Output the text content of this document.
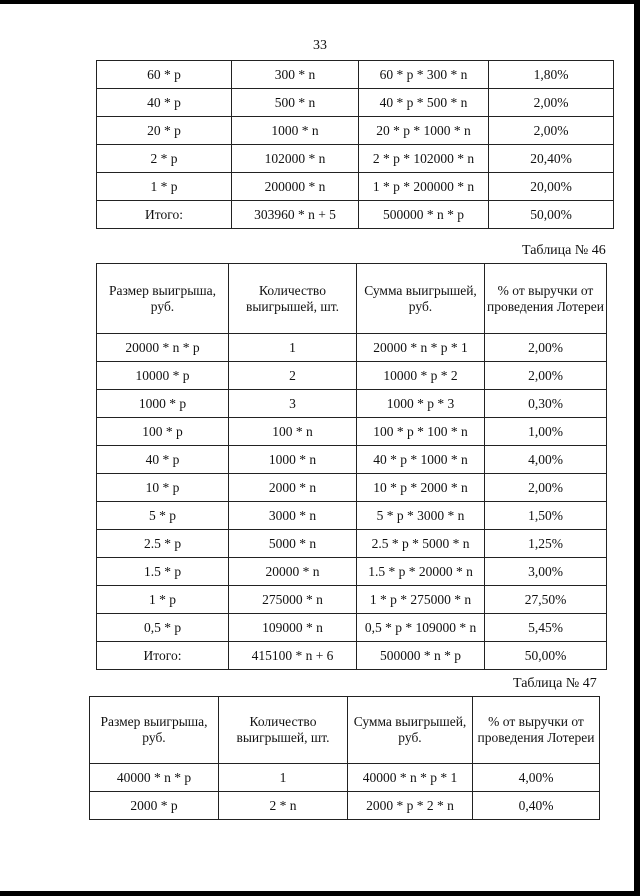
33
60 * р	300 * n	60 * р * 300 * n	1,80%
40 * р	500 * n	40 * р * 500 * n	2,00%
20 * р	1000 * n	20 * р * 1000 * n	2,00%
2 * р	102000 * n	2 * р * 102000 * n	20,40%
1 * р	200000 * n	1 * р * 200000 * n	20,00%
Итого:	303960 * n + 5	500000 * n * р	50,00%
Таблица № 46
Размер выигрыша, руб.	Количество выигрышей, шт.	Сумма выигрышей, руб.	% от выручки от проведения Лотереи
20000 * n * р	1	20000 * n * р * 1	2,00%
10000 * р	2	10000 * р * 2	2,00%
1000 * р	3	1000 * р * 3	0,30%
100 * р	100 * n	100 * р * 100 * n	1,00%
40 * р	1000 * n	40 * р * 1000 * n	4,00%
10 * р	2000 * n	10 * р * 2000 * n	2,00%
5 * р	3000 * n	5 * р * 3000 * n	1,50%
2.5 * р	5000 * n	2.5 * р * 5000 * n	1,25%
1.5 * р	20000 * n	1.5 * р * 20000 * n	3,00%
1 * р	275000 * n	1 * р * 275000 * n	27,50%
0,5 * р	109000 * n	0,5 * р * 109000 * n	5,45%
Итого:	415100 * n + 6	500000 * n * р	50,00%
Таблица № 47
Размер выигрыша, руб.	Количество выигрышей, шт.	Сумма выигрышей, руб.	% от выручки от проведения Лотереи
40000 * n * р	1	40000 * n * р * 1	4,00%
2000 * р	2 * n	2000 * р * 2 * n	0,40%
